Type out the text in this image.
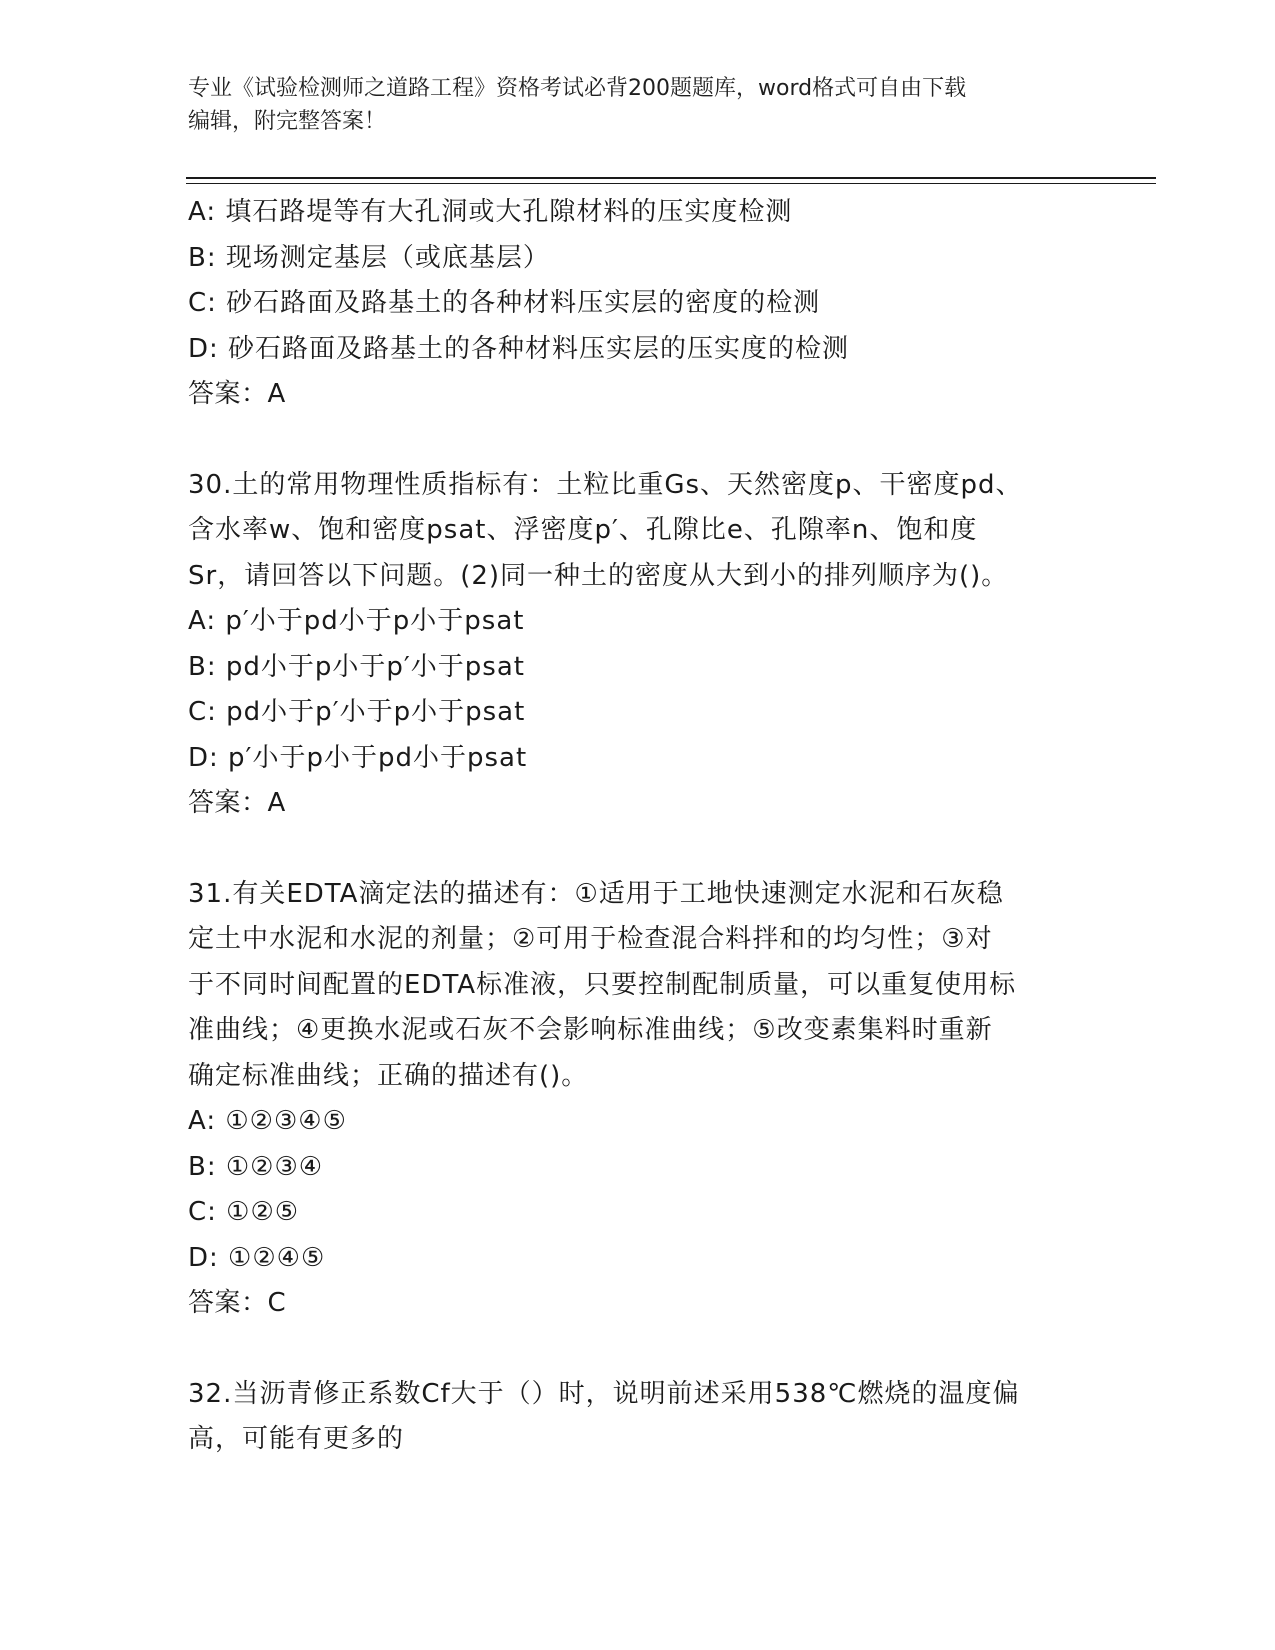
专业《试验检测师之道路工程》资格考试必背200题题库，word格式可自由下载
编辑，附完整答案！
A: 填石路堤等有大孔洞或大孔隙材料的压实度检测
B: 现场测定基层（或底基层）
C: 砂石路面及路基土的各种材料压实层的密度的检测
D: 砂石路面及路基土的各种材料压实层的压实度的检测
答案：A
30.土的常用物理性质指标有：土粒比重Gs、天然密度p、干密度pd、
含水率w、饱和密度psat、浮密度p′、孔隙比e、孔隙率n、饱和度
Sr，请回答以下问题。(2)同一种土的密度从大到小的排列顺序为()。
A: p′小于pd小于p小于psat
B: pd小于p小于p′小于psat
C: pd小于p′小于p小于psat
D: p′小于p小于pd小于psat
答案：A
31.有关EDTA滴定法的描述有：①适用于工地快速测定水泥和石灰稳
定土中水泥和水泥的剂量；②可用于检查混合料拌和的均匀性；③对
于不同时间配置的EDTA标准液，只要控制配制质量，可以重复使用标
准曲线；④更换水泥或石灰不会影响标准曲线；⑤改变素集料时重新
确定标准曲线；正确的描述有()。
A: ①②③④⑤
B: ①②③④
C: ①②⑤
D: ①②④⑤
答案：C
32.当沥青修正系数Cf大于（）时，说明前述采用538℃燃烧的温度偏
高，可能有更多的
